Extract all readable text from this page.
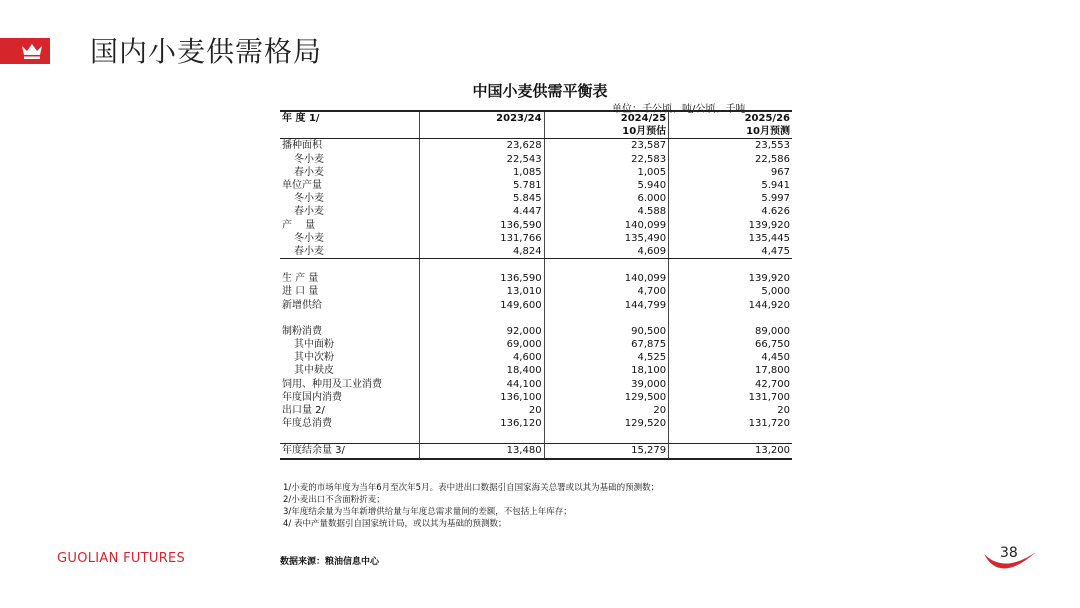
国内小麦供需格局
中国小麦供需平衡表
单位：千公顷、吨/公顷、千吨
年 度 1/	2023/24	2024/25	2025/26
		10月预估	10月预测
播种面积	23,628	23,587	23,553
冬小麦	22,543	22,583	22,586
春小麦	1,085	1,005	967
单位产量	5.781	5.940	5.941
冬小麦	5.845	6.000	5.997
春小麦	4.447	4.588	4.626
产　 量	136,590	140,099	139,920
冬小麦	131,766	135,490	135,445
春小麦	4,824	4,609	4,475

生 产 量	136,590	140,099	139,920
进 口 量	13,010	4,700	5,000
新增供给	149,600	144,799	144,920

制粉消费	92,000	90,500	89,000
其中面粉	69,000	67,875	66,750
其中次粉	4,600	4,525	4,450
其中麸皮	18,400	18,100	17,800
饲用、种用及工业消费	44,100	39,000	42,700
年度国内消费	136,100	129,500	131,700
出口量 2/	20	20	20
年度总消费	136,120	129,520	131,720

年度结余量 3/	13,480	15,279	13,200
1/小麦的市场年度为当年6月至次年5月。表中进出口数据引自国家海关总署或以其为基础的预测数；
2/小麦出口不含面粉折麦；
3/年度结余量为当年新增供给量与年度总需求量间的差额，不包括上年库存；
4/ 表中产量数据引自国家统计局，或以其为基础的预测数；
数据来源：粮油信息中心
GUOLIAN FUTURES	38
